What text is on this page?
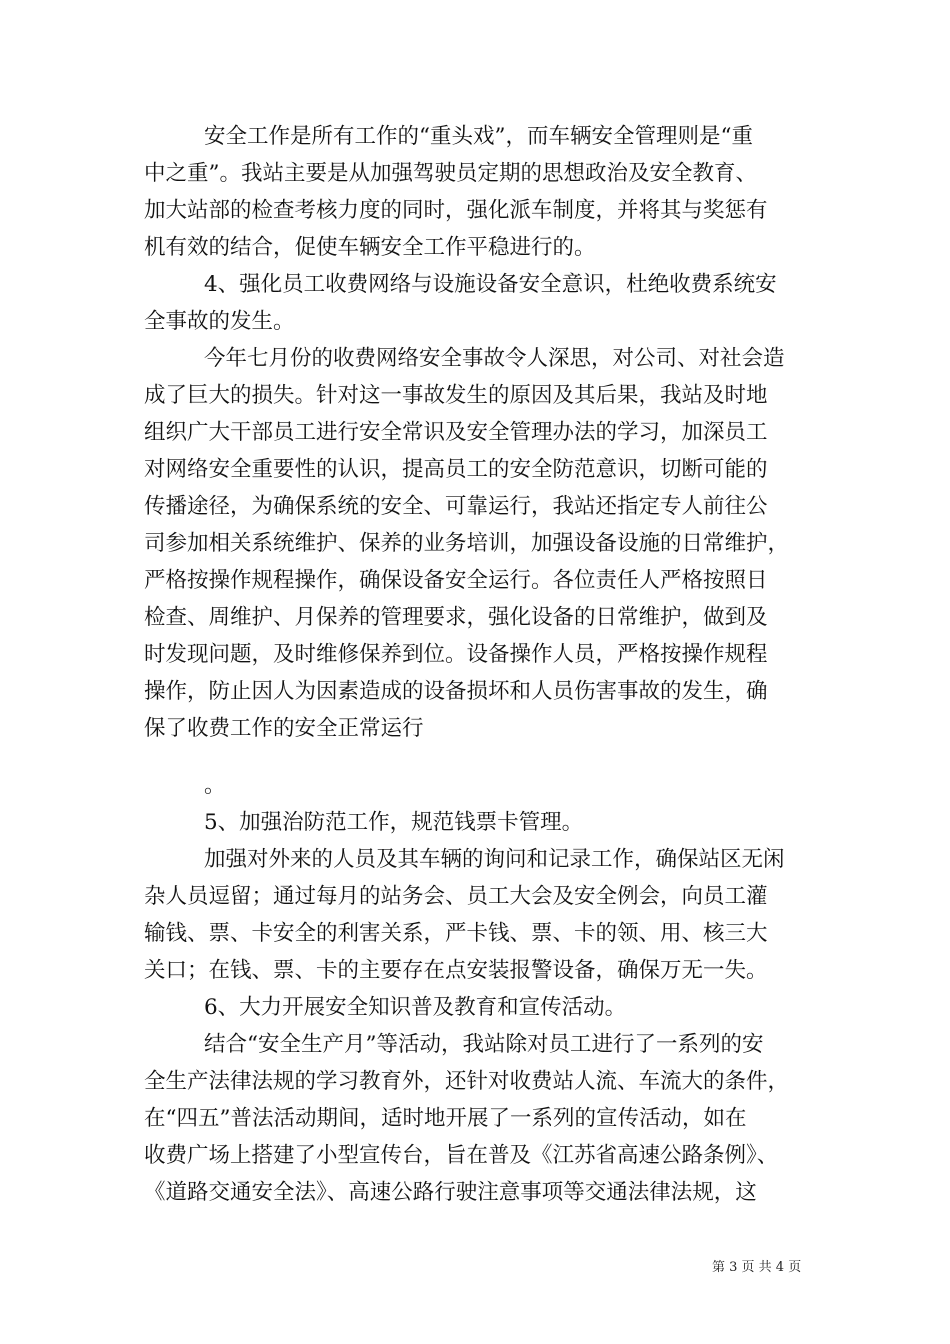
安全工作是所有工作的“重头戏”，而车辆安全管理则是“重
中之重”。我站主要是从加强驾驶员定期的思想政治及安全教育、
加大站部的检查考核力度的同时，强化派车制度，并将其与奖惩有
机有效的结合，促使车辆安全工作平稳进行的。
4、强化员工收费网络与设施设备安全意识，杜绝收费系统安
全事故的发生。
今年七月份的收费网络安全事故令人深思，对公司、对社会造
成了巨大的损失。针对这一事故发生的原因及其后果，我站及时地
组织广大干部员工进行安全常识及安全管理办法的学习，加深员工
对网络安全重要性的认识，提高员工的安全防范意识，切断可能的
传播途径，为确保系统的安全、可靠运行，我站还指定专人前往公
司参加相关系统维护、保养的业务培训，加强设备设施的日常维护，
严格按操作规程操作，确保设备安全运行。各位责任人严格按照日
检查、周维护、月保养的管理要求，强化设备的日常维护，做到及
时发现问题，及时维修保养到位。设备操作人员，严格按操作规程
操作，防止因人为因素造成的设备损坏和人员伤害事故的发生，确
保了收费工作的安全正常运行
。
5、加强治防范工作，规范钱票卡管理。
加强对外来的人员及其车辆的询问和记录工作，确保站区无闲
杂人员逗留；通过每月的站务会、员工大会及安全例会，向员工灌
输钱、票、卡安全的利害关系，严卡钱、票、卡的领、用、核三大
关口；在钱、票、卡的主要存在点安装报警设备，确保万无一失。
6、大力开展安全知识普及教育和宣传活动。
结合“安全生产月”等活动，我站除对员工进行了一系列的安
全生产法律法规的学习教育外，还针对收费站人流、车流大的条件，
在“四五”普法活动期间，适时地开展了一系列的宣传活动，如在
收费广场上搭建了小型宣传台，旨在普及《江苏省高速公路条例》、
《道路交通安全法》、高速公路行驶注意事项等交通法律法规，这
第 3 页 共 4 页
